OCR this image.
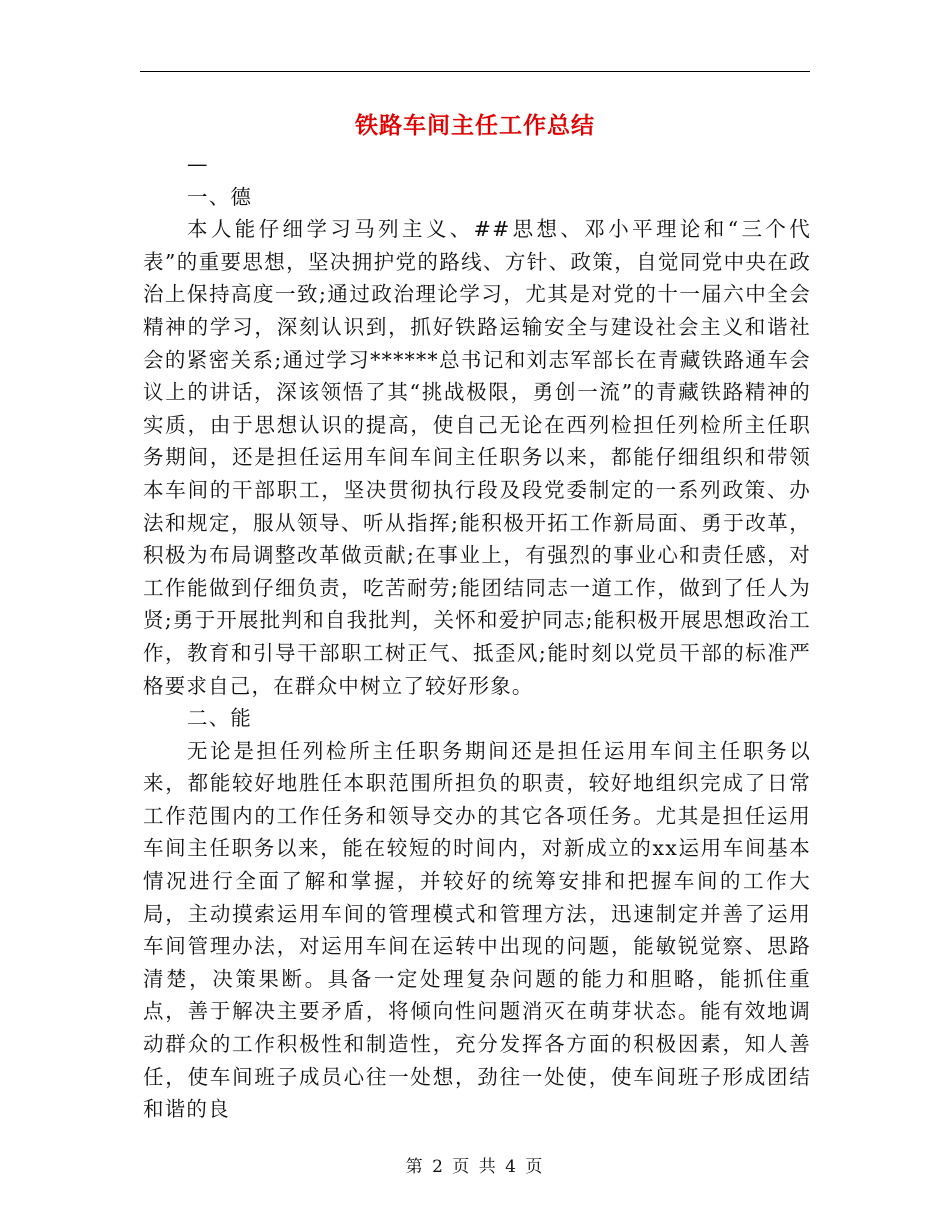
铁路车间主任工作总结

—

一、德

本人能仔细学习马列主义、##思想、邓小平理论和“三个代表”的重要思想，坚决拥护党的路线、方针、政策，自觉同党中央在政治上保持高度一致;通过政治理论学习，尤其是对党的十一届六中全会精神的学习，深刻认识到，抓好铁路运输安全与建设社会主义和谐社会的紧密关系;通过学习******总书记和刘志军部长在青藏铁路通车会议上的讲话，深该领悟了其“挑战极限，勇创一流”的青藏铁路精神的实质，由于思想认识的提高，使自己无论在西列检担任列检所主任职务期间，还是担任运用车间车间主任职务以来，都能仔细组织和带领本车间的干部职工，坚决贯彻执行段及段党委制定的一系列政策、办法和规定，服从领导、听从指挥;能积极开拓工作新局面、勇于改革，积极为布局调整改革做贡献;在事业上，有强烈的事业心和责任感，对工作能做到仔细负责，吃苦耐劳;能团结同志一道工作，做到了任人为贤;勇于开展批判和自我批判，关怀和爱护同志;能积极开展思想政治工作，教育和引导干部职工树正气、抵歪风;能时刻以党员干部的标准严格要求自己，在群众中树立了较好形象。

二、能

无论是担任列检所主任职务期间还是担任运用车间主任职务以来，都能较好地胜任本职范围所担负的职责，较好地组织完成了日常工作范围内的工作任务和领导交办的其它各项任务。尤其是担任运用车间主任职务以来，能在较短的时间内，对新成立的xx运用车间基本情况进行全面了解和掌握，并较好的统筹安排和把握车间的工作大局，主动摸索运用车间的管理模式和管理方法，迅速制定并善了运用车间管理办法，对运用车间在运转中出现的问题，能敏锐觉察、思路清楚，决策果断。具备一定处理复杂问题的能力和胆略，能抓住重点，善于解决主要矛盾，将倾向性问题消灭在萌芽状态。能有效地调动群众的工作积极性和制造性，充分发挥各方面的积极因素，知人善任，使车间班子成员心往一处想，劲往一处使，使车间班子形成团结和谐的良

第 2 页 共 4 页
